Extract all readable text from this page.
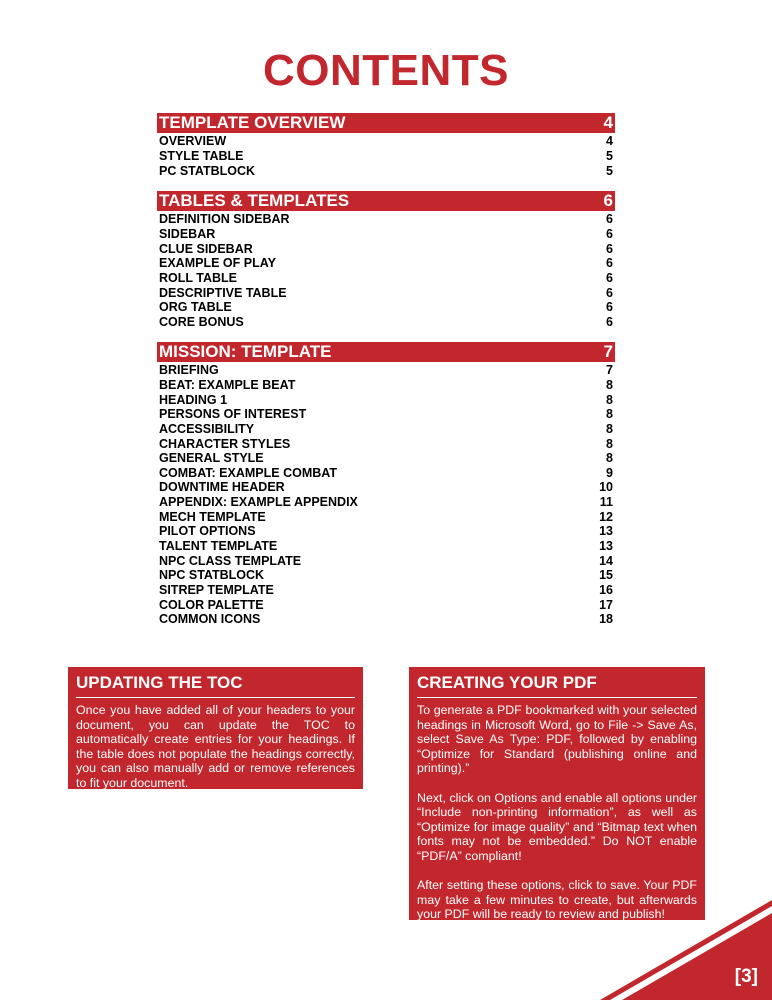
CONTENTS
TEMPLATE OVERVIEW	4
OVERVIEW	4
STYLE TABLE	5
PC STATBLOCK	5
TABLES & TEMPLATES	6
DEFINITION SIDEBAR	6
SIDEBAR	6
CLUE SIDEBAR	6
EXAMPLE OF PLAY	6
ROLL TABLE	6
DESCRIPTIVE TABLE	6
ORG TABLE	6
CORE BONUS	6
MISSION: TEMPLATE	7
BRIEFING	7
BEAT: EXAMPLE BEAT	8
HEADING 1	8
PERSONS OF INTEREST	8
ACCESSIBILITY	8
CHARACTER STYLES	8
GENERAL STYLE	8
COMBAT: EXAMPLE COMBAT	9
DOWNTIME HEADER	10
APPENDIX: EXAMPLE APPENDIX	11
MECH TEMPLATE	12
PILOT OPTIONS	13
TALENT TEMPLATE	13
NPC CLASS TEMPLATE	14
NPC STATBLOCK	15
SITREP TEMPLATE	16
COLOR PALETTE	17
COMMON ICONS	18
UPDATING THE TOC

Once you have added all of your headers to your document, you can update the TOC to automatically create entries for your headings. If the table does not populate the headings correctly, you can also manually add or remove references to fit your document.

CREATING YOUR PDF

To generate a PDF bookmarked with your selected headings in Microsoft Word, go to File -> Save As, select Save As Type: PDF, followed by enabling “Optimize for Standard (publishing online and printing).”

Next, click on Options and enable all options under “Include non-printing information”, as well as “Optimize for image quality” and “Bitmap text when fonts may not be embedded.” Do NOT enable “PDF/A” compliant!

After setting these options, click to save. Your PDF may take a few minutes to create, but afterwards your PDF will be ready to review and publish!

[3]
